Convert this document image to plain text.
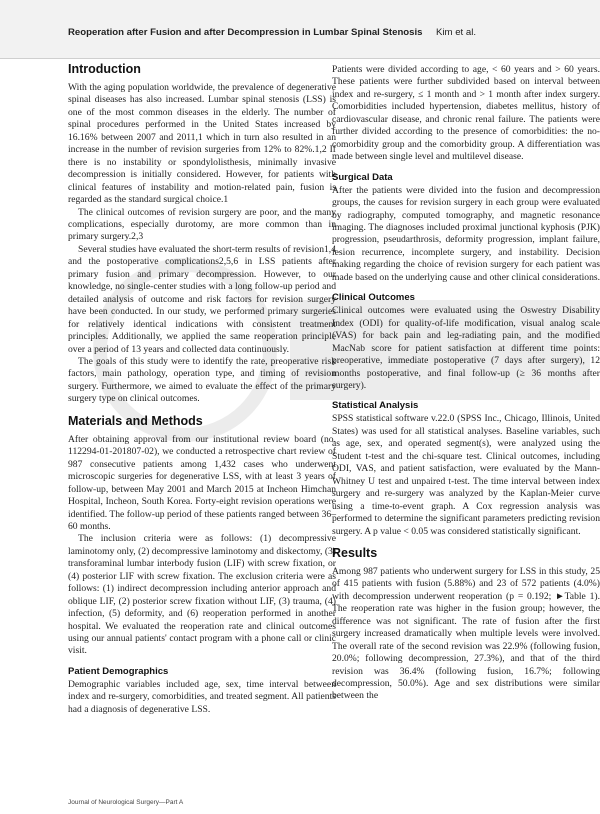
Reoperation after Fusion and after Decompression in Lumbar Spinal Stenosis Kim et al.
Introduction

With the aging population worldwide, the prevalence of degenerative spinal diseases has also increased. Lumbar spinal stenosis (LSS) is one of the most common diseases in the elderly. The number of spinal procedures performed in the United States increased by 16.16% between 2007 and 2011,1 which in turn also resulted in an increase in the number of revision surgeries from 12% to 82%.1,2 If there is no instability or spondylolisthesis, minimally invasive decompression is initially considered. However, for patients with clinical features of instability and motion-related pain, fusion is regarded as the standard surgical choice.1

The clinical outcomes of revision surgery are poor, and the many complications, especially durotomy, are more common than in primary surgery.2,3

Several studies have evaluated the short-term results of revision1,4 and the postoperative complications2,5,6 in LSS patients after primary fusion and primary decompression. However, to our knowledge, no single-center studies with a long follow-up period and detailed analysis of outcome and risk factors for revision surgery have been conducted. In our study, we performed primary surgeries for relatively identical indications with consistent treatment principles. Additionally, we applied the same reoperation principle over a period of 13 years and collected data continuously.

The goals of this study were to identify the rate, preoperative risk factors, main pathology, operation type, and timing of revision surgery. Furthermore, we aimed to evaluate the effect of the primary surgery type on clinical outcomes.

Materials and Methods

After obtaining approval from our institutional review board (no. 112294-01-201807-02), we conducted a retrospective chart review of 987 consecutive patients among 1,432 cases who underwent microscopic surgeries for degenerative LSS, with at least 3 years of follow-up, between May 2001 and March 2015 at Incheon Himchan Hospital, Incheon, South Korea. Forty-eight revision operations were identified. The follow-up period of these patients ranged between 36–60 months.

The inclusion criteria were as follows: (1) decompressive laminotomy only, (2) decompressive laminotomy and diskectomy, (3) transforaminal lumbar interbody fusion (LIF) with screw fixation, or (4) posterior LIF with screw fixation. The exclusion criteria were as follows: (1) indirect decompression including anterior approach and oblique LIF, (2) posterior screw fixation without LIF, (3) trauma, (4) infection, (5) deformity, and (6) reoperation performed in another hospital. We evaluated the reoperation rate and clinical outcomes using our annual patients' contact program with a phone call or clinic visit.

Patient Demographics

Demographic variables included age, sex, time interval between index and re-surgery, comorbidities, and treated segment. All patients had a diagnosis of degenerative LSS.

Patients were divided according to age, < 60 years and > 60 years. These patients were further subdivided based on interval between index and re-surgery, ≤ 1 month and > 1 month after index surgery. Comorbidities included hypertension, diabetes mellitus, history of cardiovascular disease, and chronic renal failure. The patients were further divided according to the presence of comorbidities: the no-comorbidity group and the comorbidity group. A differentiation was made between single level and multilevel disease.

Surgical Data

After the patients were divided into the fusion and decompression groups, the causes for revision surgery in each group were evaluated by radiography, computed tomography, and magnetic resonance imaging. The diagnoses included proximal junctional kyphosis (PJK) progression, pseudarthrosis, deformity progression, implant failure, lesion recurrence, incomplete surgery, and instability. Decision making regarding the choice of revision surgery for each patient was made based on the underlying cause and other clinical considerations.

Clinical Outcomes

Clinical outcomes were evaluated using the Oswestry Disability Index (ODI) for quality-of-life modification, visual analog scale (VAS) for back pain and leg-radiating pain, and the modified MacNab score for patient satisfaction at different time points: preoperative, immediate postoperative (7 days after surgery), 12 months postoperative, and final follow-up (≥ 36 months after surgery).

Statistical Analysis

SPSS statistical software v.22.0 (SPSS Inc., Chicago, Illinois, United States) was used for all statistical analyses. Baseline variables, such as age, sex, and operated segment(s), were analyzed using the Student t-test and the chi-square test. Clinical outcomes, including ODI, VAS, and patient satisfaction, were evaluated by the Mann-Whitney U test and unpaired t-test. The time interval between index surgery and re-surgery was analyzed by the Kaplan-Meier curve using a time-to-event graph. A Cox regression analysis was performed to determine the significant parameters predicting revision surgery. A p value < 0.05 was considered statistically significant.

Results

Among 987 patients who underwent surgery for LSS in this study, 25 of 415 patients with fusion (5.88%) and 23 of 572 patients (4.0%) with decompression underwent reoperation (p = 0.192; ►Table 1). The reoperation rate was higher in the fusion group; however, the difference was not significant. The rate of fusion after the first surgery increased dramatically when multiple levels were involved. The overall rate of the second revision was 22.9% (following fusion, 20.0%; following decompression, 27.3%), and that of the third revision was 36.4% (following fusion, 16.7%; following decompression, 50.0%). Age and sex distributions were similar between the

Journal of Neurological Surgery—Part A
